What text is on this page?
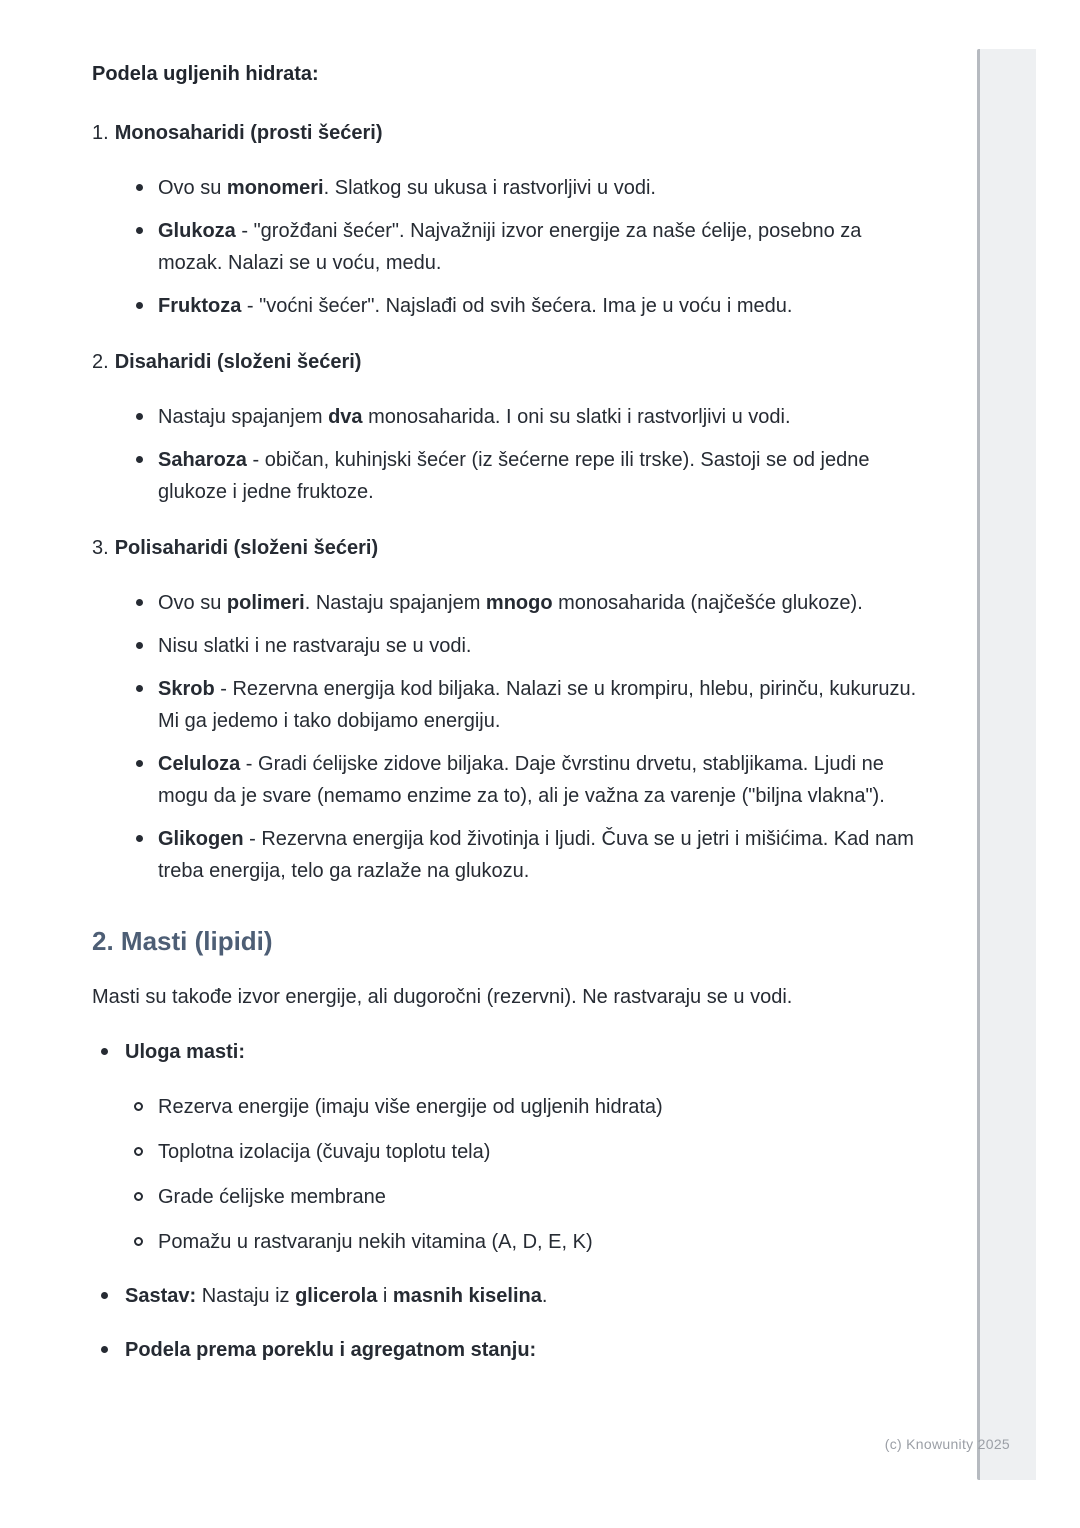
Podela ugljenih hidrata:
1. Monosaharidi (prosti šećeri)
Ovo su monomeri. Slatkog su ukusa i rastvorljivi u vodi.
Glukoza - "grožđani šećer". Najvažniji izvor energije za naše ćelije, posebno za mozak. Nalazi se u voću, medu.
Fruktoza - "voćni šećer". Najslađi od svih šećera. Ima je u voću i medu.
2. Disaharidi (složeni šećeri)
Nastaju spajanjem dva monosaharida. I oni su slatki i rastvorljivi u vodi.
Saharoza - običan, kuhinjski šećer (iz šećerne repe ili trske). Sastoji se od jedne glukoze i jedne fruktoze.
3. Polisaharidi (složeni šećeri)
Ovo su polimeri. Nastaju spajanjem mnogo monosaharida (najčešće glukoze).
Nisu slatki i ne rastvaraju se u vodi.
Skrob - Rezervna energija kod biljaka. Nalazi se u krompiru, hlebu, pirinču, kukuruzu. Mi ga jedemo i tako dobijamo energiju.
Celuloza - Gradi ćelijske zidove biljaka. Daje čvrstinu drvetu, stabljikama. Ljudi ne mogu da je svare (nemamo enzime za to), ali je važna za varenje ("biljna vlakna").
Glikogen - Rezervna energija kod životinja i ljudi. Čuva se u jetri i mišićima. Kad nam treba energija, telo ga razlaže na glukozu.
2. Masti (lipidi)

Masti su takođe izvor energije, ali dugoročni (rezervni). Ne rastvaraju se u vodi.

Uloga masti:
Rezerva energije (imaju više energije od ugljenih hidrata)
Toplotna izolacija (čuvaju toplotu tela)
Grade ćelijske membrane
Pomažu u rastvaranju nekih vitamina (A, D, E, K)
Sastav: Nastaju iz glicerola i masnih kiselina.
Podela prema poreklu i agregatnom stanju:
(c) Knowunity 2025
